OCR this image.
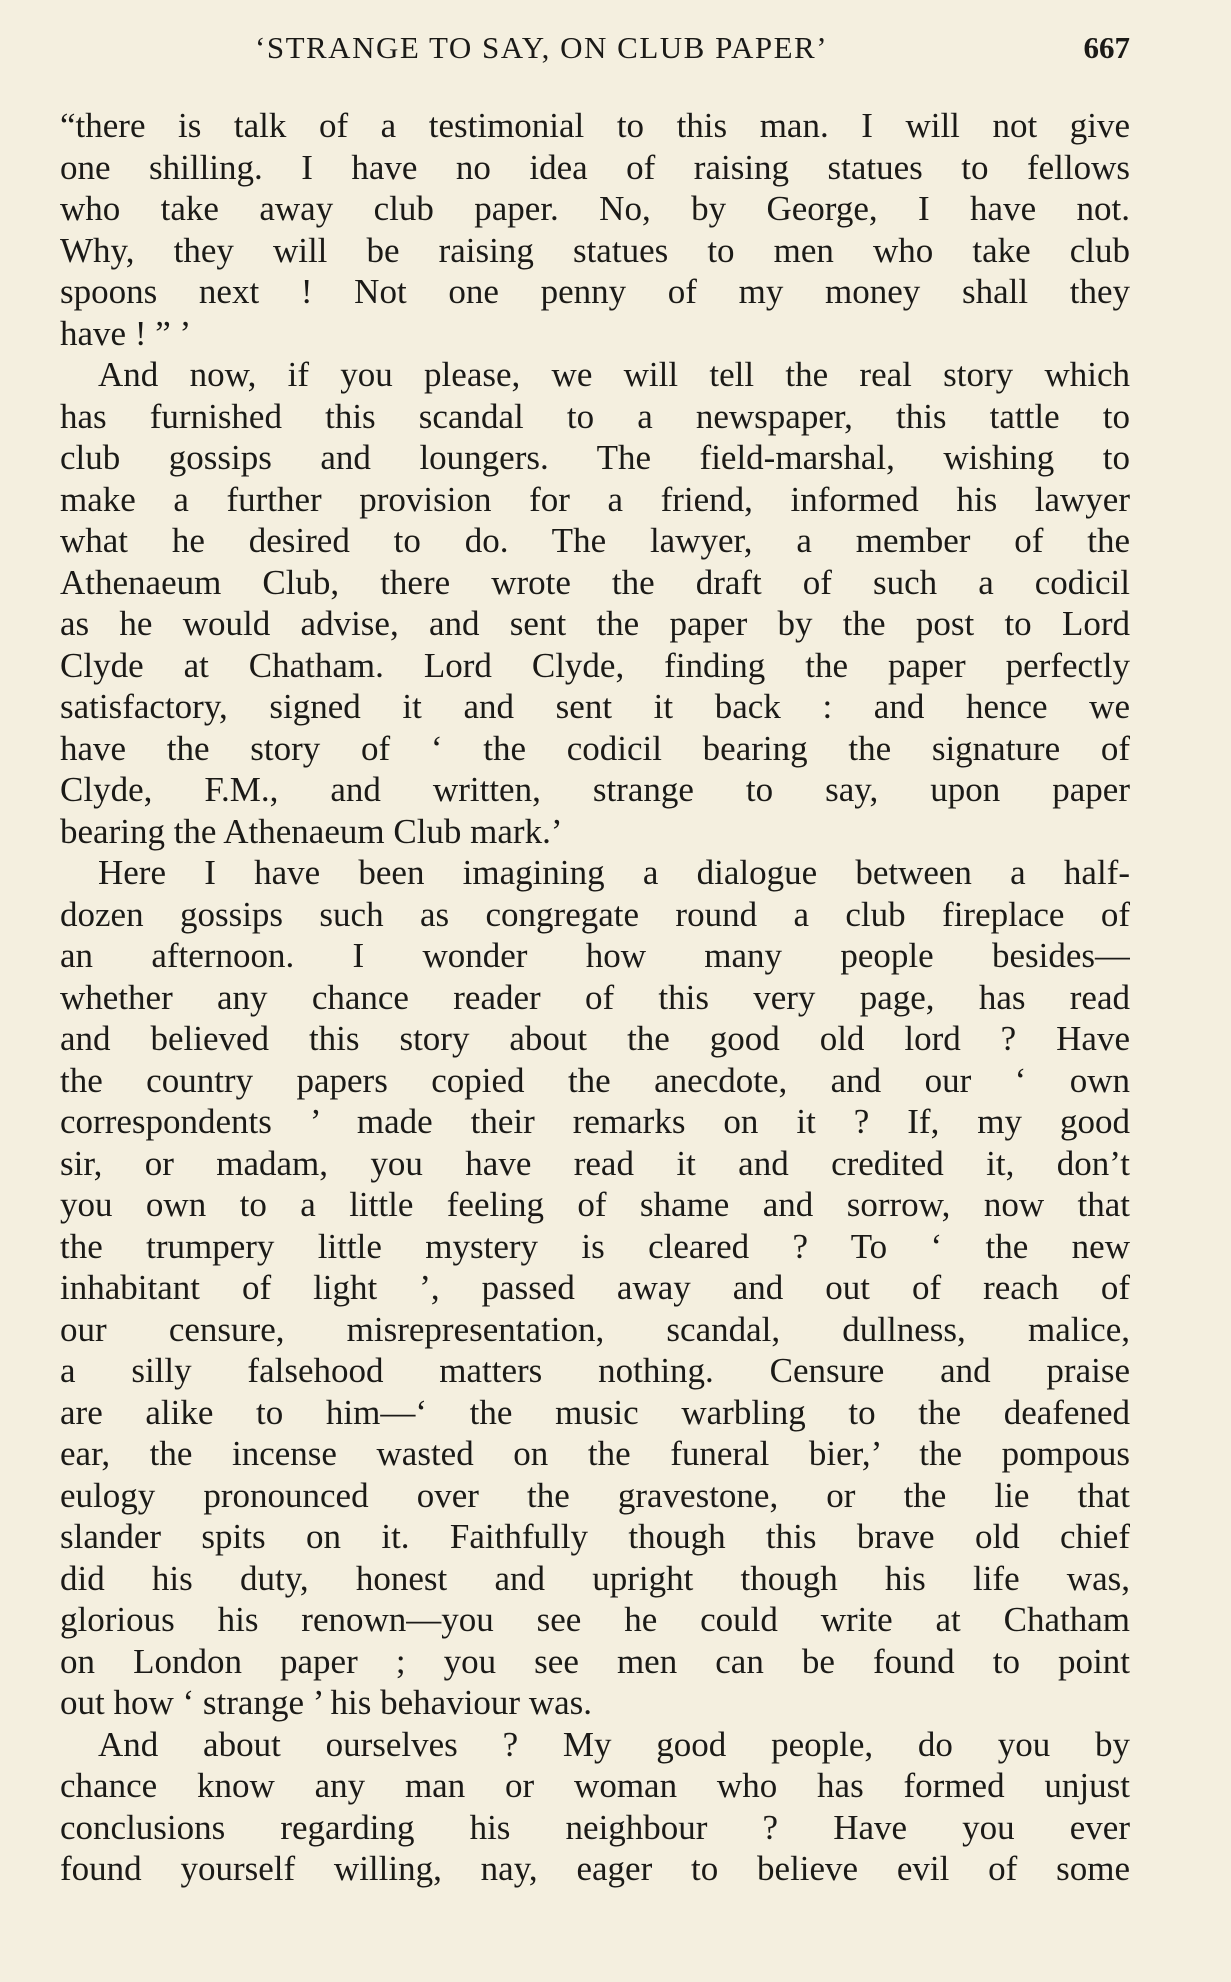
‘STRANGE TO SAY, ON CLUB PAPER’	667
“there is talk of a testimonial to this man. I will not give
one shilling. I have no idea of raising statues to fellows
who take away club paper. No, by George, I have not.
Why, they will be raising statues to men who take club
spoons next ! Not one penny of my money shall they
have ! ” ’
And now, if you please, we will tell the real story which
has furnished this scandal to a newspaper, this tattle to
club gossips and loungers. The field-marshal, wishing to
make a further provision for a friend, informed his lawyer
what he desired to do. The lawyer, a member of the
Athenaeum Club, there wrote the draft of such a codicil
as he would advise, and sent the paper by the post to Lord
Clyde at Chatham. Lord Clyde, finding the paper perfectly
satisfactory, signed it and sent it back : and hence we
have the story of ‘ the codicil bearing the signature of
Clyde, F.M., and written, strange to say, upon paper
bearing the Athenaeum Club mark.’
Here I have been imagining a dialogue between a half-
dozen gossips such as congregate round a club fireplace of
an afternoon. I wonder how many people besides—
whether any chance reader of this very page, has read
and believed this story about the good old lord ? Have
the country papers copied the anecdote, and our ‘ own
correspondents ’ made their remarks on it ? If, my good
sir, or madam, you have read it and credited it, don’t
you own to a little feeling of shame and sorrow, now that
the trumpery little mystery is cleared ? To ‘ the new
inhabitant of light ’, passed away and out of reach of
our censure, misrepresentation, scandal, dullness, malice,
a silly falsehood matters nothing. Censure and praise
are alike to him—‘ the music warbling to the deafened
ear, the incense wasted on the funeral bier,’ the pompous
eulogy pronounced over the gravestone, or the lie that
slander spits on it. Faithfully though this brave old chief
did his duty, honest and upright though his life was,
glorious his renown—you see he could write at Chatham
on London paper ; you see men can be found to point
out how ‘ strange ’ his behaviour was.
And about ourselves ? My good people, do you by
chance know any man or woman who has formed unjust
conclusions regarding his neighbour ? Have you ever
found yourself willing, nay, eager to believe evil of some
